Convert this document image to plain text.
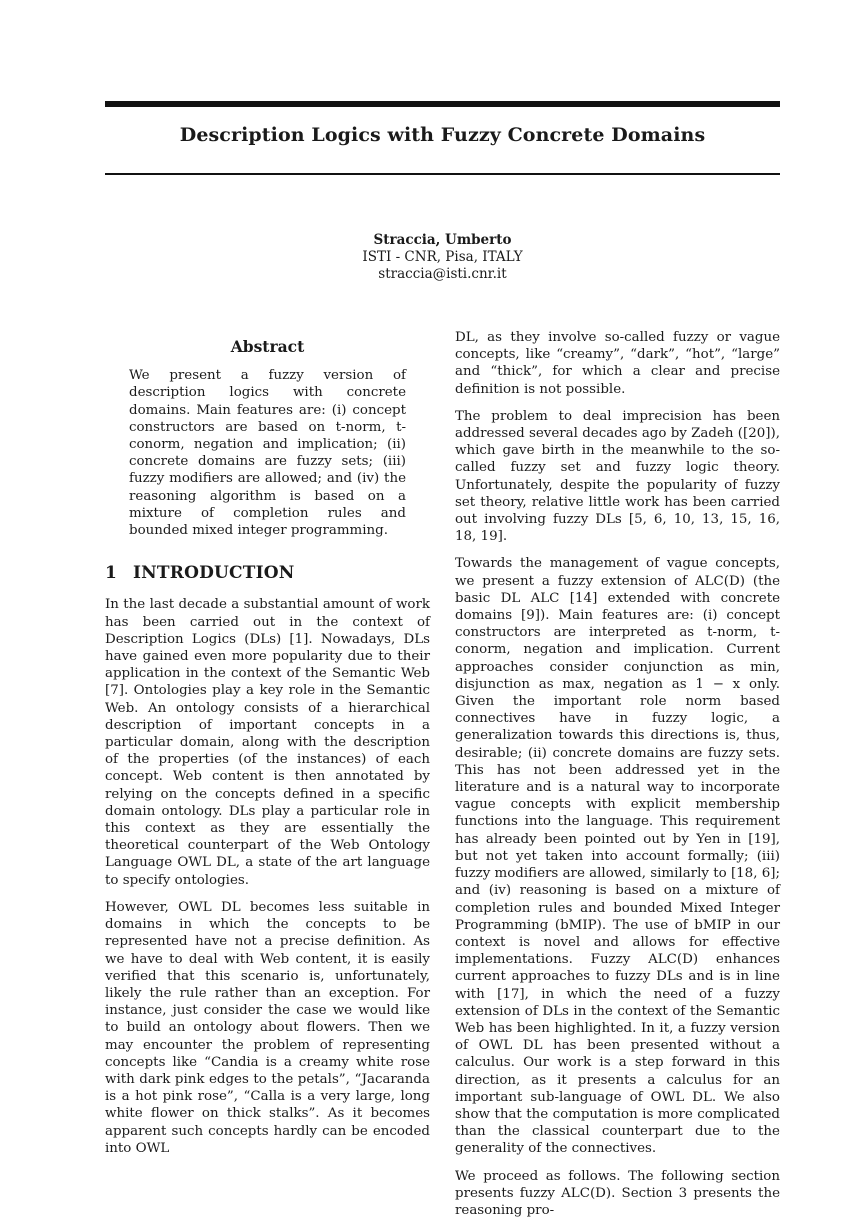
Description Logics with Fuzzy Concrete Domains
Straccia, Umberto
ISTI - CNR, Pisa, ITALY
straccia@isti.cnr.it
Abstract
We present a fuzzy version of description logics with concrete domains. Main features are: (i) concept constructors are based on t-norm, t-conorm, negation and implication; (ii) concrete domains are fuzzy sets; (iii) fuzzy modifiers are allowed; and (iv) the reasoning algorithm is based on a mixture of completion rules and bounded mixed integer programming.
1 INTRODUCTION

In the last decade a substantial amount of work has been carried out in the context of Description Logics (DLs) [1]. Nowadays, DLs have gained even more popularity due to their application in the context of the Semantic Web [7]. Ontologies play a key role in the Semantic Web. An ontology consists of a hierarchical description of important concepts in a particular domain, along with the description of the properties (of the instances) of each concept. Web content is then annotated by relying on the concepts defined in a specific domain ontology. DLs play a particular role in this context as they are essentially the theoretical counterpart of the Web Ontology Language OWL DL, a state of the art language to specify ontologies.

However, OWL DL becomes less suitable in domains in which the concepts to be represented have not a precise definition. As we have to deal with Web content, it is easily verified that this scenario is, unfortunately, likely the rule rather than an exception. For instance, just consider the case we would like to build an ontology about flowers. Then we may encounter the problem of representing concepts like “Candia is a creamy white rose with dark pink edges to the petals”, “Jacaranda is a hot pink rose”, “Calla is a very large, long white flower on thick stalks”. As it becomes apparent such concepts hardly can be encoded into OWL

DL, as they involve so-called fuzzy or vague concepts, like “creamy”, “dark”, “hot”, “large” and “thick”, for which a clear and precise definition is not possible.

The problem to deal imprecision has been addressed several decades ago by Zadeh ([20]), which gave birth in the meanwhile to the so-called fuzzy set and fuzzy logic theory. Unfortunately, despite the popularity of fuzzy set theory, relative little work has been carried out involving fuzzy DLs [5, 6, 10, 13, 15, 16, 18, 19].

Towards the management of vague concepts, we present a fuzzy extension of ALC(D) (the basic DL ALC [14] extended with concrete domains [9]). Main features are: (i) concept constructors are interpreted as t-norm, t-conorm, negation and implication. Current approaches consider conjunction as min, disjunction as max, negation as 1 − x only. Given the important role norm based connectives have in fuzzy logic, a generalization towards this directions is, thus, desirable; (ii) concrete domains are fuzzy sets. This has not been addressed yet in the literature and is a natural way to incorporate vague concepts with explicit membership functions into the language. This requirement has already been pointed out by Yen in [19], but not yet taken into account formally; (iii) fuzzy modifiers are allowed, similarly to [18, 6]; and (iv) reasoning is based on a mixture of completion rules and bounded Mixed Integer Programming (bMIP). The use of bMIP in our context is novel and allows for effective implementations. Fuzzy ALC(D) enhances current approaches to fuzzy DLs and is in line with [17], in which the need of a fuzzy extension of DLs in the context of the Semantic Web has been highlighted. In it, a fuzzy version of OWL DL has been presented without a calculus. Our work is a step forward in this direction, as it presents a calculus for an important sub-language of OWL DL. We also show that the computation is more complicated than the classical counterpart due to the generality of the connectives.

We proceed as follows. The following section presents fuzzy ALC(D). Section 3 presents the reasoning pro-
